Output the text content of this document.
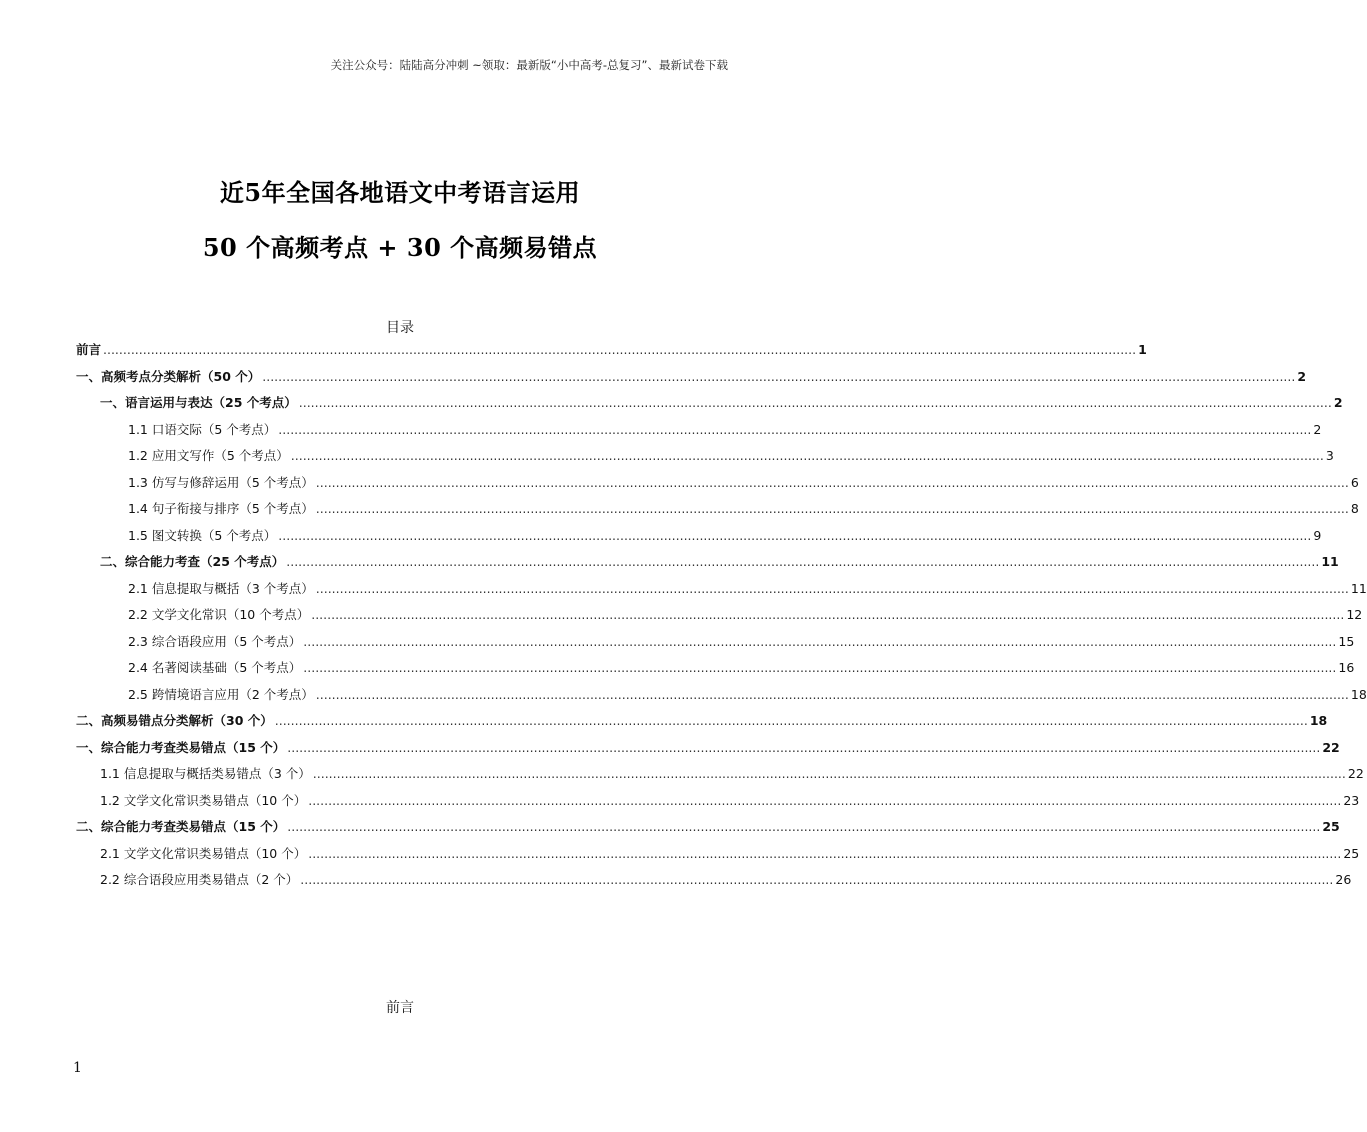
关注公众号：陆陆高分冲刺 ~领取：最新版“小中高考-总复习”、最新试卷下载
近5年全国各地语文中考语言运用
50 个高频考点 + 30 个高频易错点
目录
前言 .................................................................................................................................................................................................................................................................... 1
一、高频考点分类解析（50 个） .................................................................................................................................................................................................................................................................... 2
一、语言运用与表达（25 个考点） .................................................................................................................................................................................................................................................................... 2
1.1 口语交际（5 个考点） .................................................................................................................................................................................................................................................................... 2
1.2 应用文写作（5 个考点） .................................................................................................................................................................................................................................................................... 3
1.3 仿写与修辞运用（5 个考点） .................................................................................................................................................................................................................................................................... 6
1.4 句子衔接与排序（5 个考点） .................................................................................................................................................................................................................................................................... 8
1.5 图文转换（5 个考点） .................................................................................................................................................................................................................................................................... 9
二、综合能力考查（25 个考点） .................................................................................................................................................................................................................................................................... 11
2.1 信息提取与概括（3 个考点） .................................................................................................................................................................................................................................................................... 11
2.2 文学文化常识（10 个考点） .................................................................................................................................................................................................................................................................... 12
2.3 综合语段应用（5 个考点） .................................................................................................................................................................................................................................................................... 15
2.4 名著阅读基础（5 个考点） .................................................................................................................................................................................................................................................................... 16
2.5 跨情境语言应用（2 个考点） .................................................................................................................................................................................................................................................................... 18
二、高频易错点分类解析（30 个） .................................................................................................................................................................................................................................................................... 18
一、综合能力考查类易错点（15 个） .................................................................................................................................................................................................................................................................... 22
1.1 信息提取与概括类易错点（3 个） .................................................................................................................................................................................................................................................................... 22
1.2 文学文化常识类易错点（10 个） .................................................................................................................................................................................................................................................................... 23
二、综合能力考查类易错点（15 个） .................................................................................................................................................................................................................................................................... 25
2.1 文学文化常识类易错点（10 个） .................................................................................................................................................................................................................................................................... 25
2.2 综合语段应用类易错点（2 个） .................................................................................................................................................................................................................................................................... 26
前言
1
